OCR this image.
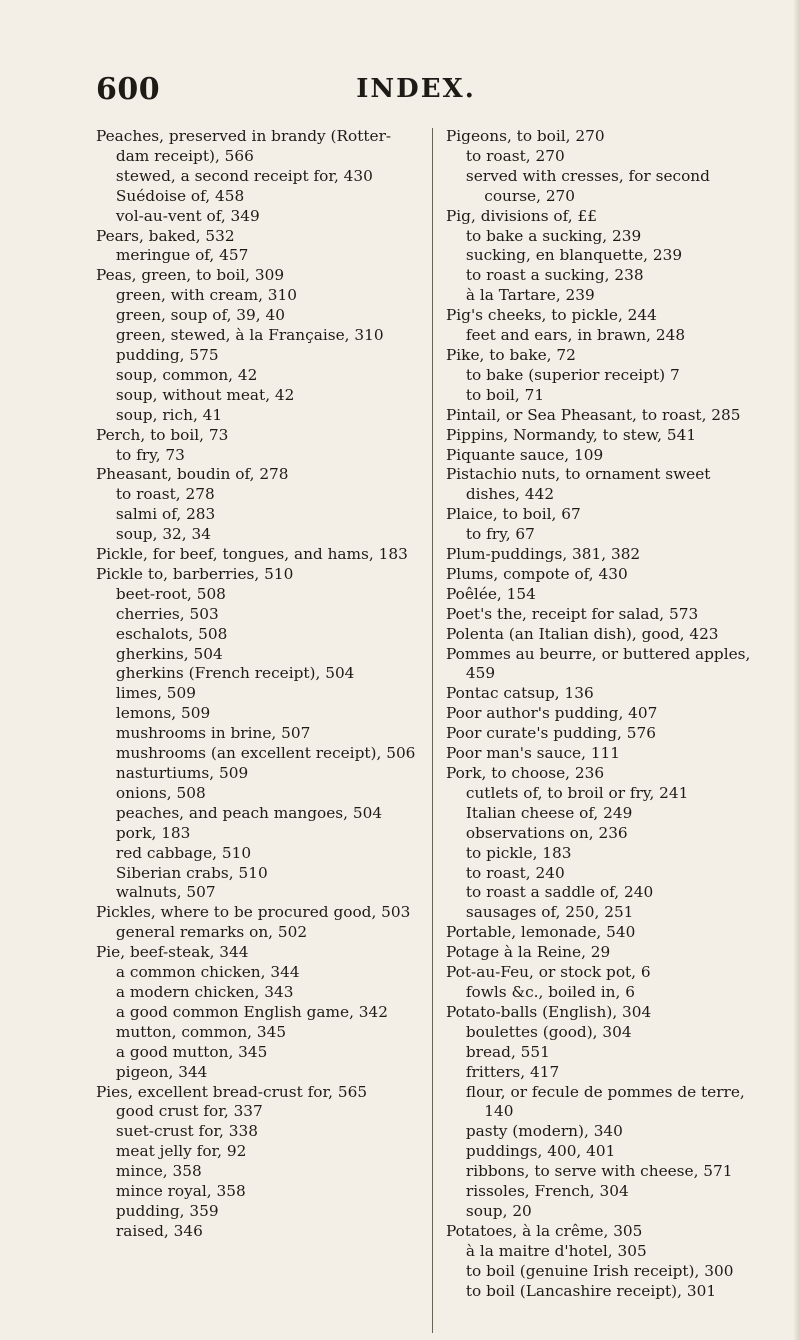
600	INDEX.

Peaches, preserved in brandy (Rotter-dam receipt), 566

stewed, a second receipt for, 430

Suédoise of, 458

vol-au-vent of, 349

Pears, baked, 532

meringue of, 457

Peas, green, to boil, 309

green, with cream, 310

green, soup of, 39, 40

green, stewed, à la Française, 310

pudding, 575

soup, common, 42

soup, without meat, 42

soup, rich, 41

Perch, to boil, 73

to fry, 73

Pheasant, boudin of, 278

to roast, 278

salmi of, 283

soup, 32, 34

Pickle, for beef, tongues, and hams, 183

Pickle to, barberries, 510

beet-root, 508

cherries, 503

eschalots, 508

gherkins, 504

gherkins (French receipt), 504

limes, 509

lemons, 509

mushrooms in brine, 507

mushrooms (an excellent receipt), 506

nasturtiums, 509

onions, 508

peaches, and peach mangoes, 504

pork, 183

red cabbage, 510

Siberian crabs, 510

walnuts, 507

Pickles, where to be procured good, 503

general remarks on, 502

Pie, beef-steak, 344

a common chicken, 344

a modern chicken, 343

a good common English game, 342

mutton, common, 345

a good mutton, 345

pigeon, 344

Pies, excellent bread-crust for, 565

good crust for, 337

suet-crust for, 338

meat jelly for, 92

mince, 358

mince royal, 358

pudding, 359

raised, 346

Pigeons, to boil, 270

to roast, 270

served with cresses, for second course, 270

Pig, divisions of, ££

to bake a sucking, 239

sucking, en blanquette, 239

to roast a sucking, 238

à la Tartare, 239

Pig's cheeks, to pickle, 244

feet and ears, in brawn, 248

Pike, to bake, 72

to bake (superior receipt) 7

to boil, 71

Pintail, or Sea Pheasant, to roast, 285

Pippins, Normandy, to stew, 541

Piquante sauce, 109

Pistachio nuts, to ornament sweet dishes, 442

Plaice, to boil, 67

to fry, 67

Plum-puddings, 381, 382

Plums, compote of, 430

Poêlée, 154

Poet's the, receipt for salad, 573

Polenta (an Italian dish), good, 423

Pommes au beurre, or buttered apples, 459

Pontac catsup, 136

Poor author's pudding, 407

Poor curate's pudding, 576

Poor man's sauce, 111

Pork, to choose, 236

cutlets of, to broil or fry, 241

Italian cheese of, 249

observations on, 236

to pickle, 183

to roast, 240

to roast a saddle of, 240

sausages of, 250, 251

Portable, lemonade, 540

Potage à la Reine, 29

Pot-au-Feu, or stock pot, 6

fowls &c., boiled in, 6

Potato-balls (English), 304

boulettes (good), 304

bread, 551

fritters, 417

flour, or fecule de pommes de terre, 140

pasty (modern), 340

puddings, 400, 401

ribbons, to serve with cheese, 571

rissoles, French, 304

soup, 20

Potatoes, à la crême, 305

à la maitre d'hotel, 305

to boil (genuine Irish receipt), 300

to boil (Lancashire receipt), 301
